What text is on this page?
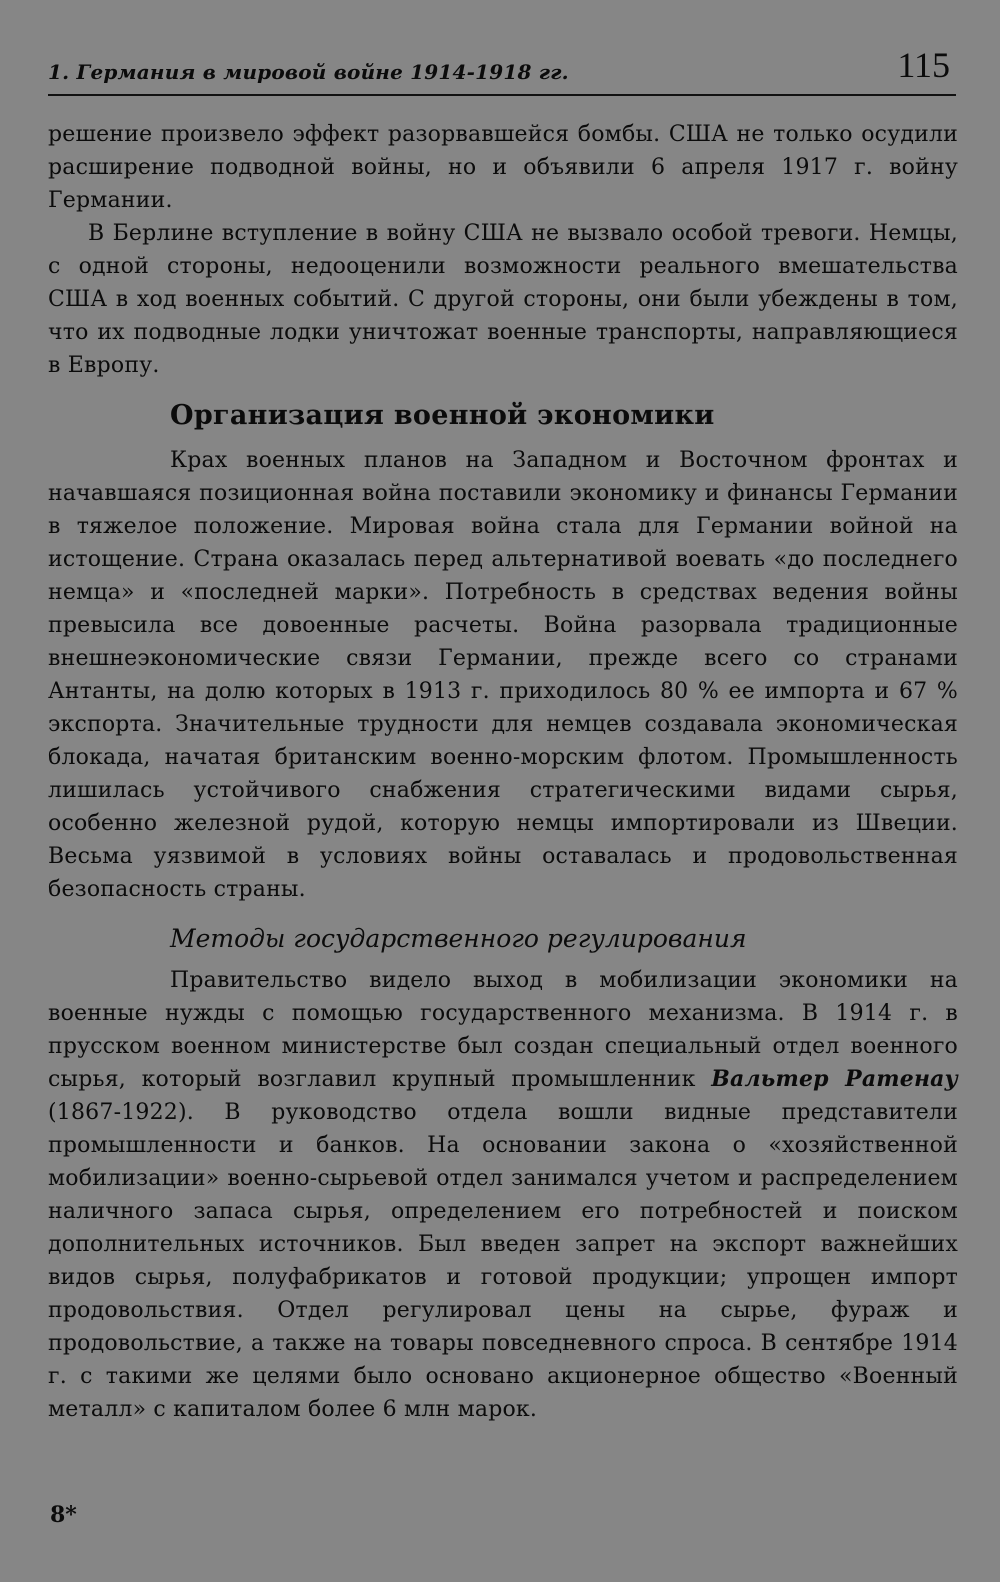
1. Германия в мировой войне 1914-1918 гг.	115

решение произвело эффект разорвавшейся бомбы. США не только осудили расширение подводной войны, но и объявили 6 апреля 1917 г. войну Германии.

В Берлине вступление в войну США не вызвало особой тревоги. Немцы, с одной стороны, недооценили возможности реального вмешательства США в ход военных событий. С другой стороны, они были убеждены в том, что их подводные лодки уничтожат военные транспорты, направляющиеся в Европу.

Организация военной экономики

Крах военных планов на Западном и Восточном фронтах и начавшаяся позиционная война поставили экономику и финансы Германии в тяжелое положение. Мировая война стала для Германии войной на истощение. Страна оказалась перед альтернативой воевать «до последнего немца» и «последней марки». Потребность в средствах ведения войны превысила все довоенные расчеты. Война разорвала традиционные внешнеэкономические связи Германии, прежде всего со странами Антанты, на долю которых в 1913 г. приходилось 80 % ее импорта и 67 % экспорта. Значительные трудности для немцев создавала экономическая блокада, начатая британским военно-морским флотом. Промышленность лишилась устойчивого снабжения стратегическими видами сырья, особенно железной рудой, которую немцы импортировали из Швеции. Весьма уязвимой в условиях войны оставалась и продовольственная безопасность страны.

Методы государственного регулирования

Правительство видело выход в мобилизации экономики на военные нужды с помощью государственного механизма. В 1914 г. в прусском военном министерстве был создан специальный отдел военного сырья, который возглавил крупный промышленник Вальтер Ратенау (1867-1922). В руководство отдела вошли видные представители промышленности и банков. На основании закона о «хозяйственной мобилизации» военно-сырьевой отдел занимался учетом и распределением наличного запаса сырья, определением его потребностей и поиском дополнительных источников. Был введен запрет на экспорт важнейших видов сырья, полуфабрикатов и готовой продукции; упрощен импорт продовольствия. Отдел регулировал цены на сырье, фураж и продовольствие, а также на товары повседневного спроса. В сентябре 1914 г. с такими же целями было основано акционерное общество «Военный металл» с капиталом более 6 млн марок.

8*
